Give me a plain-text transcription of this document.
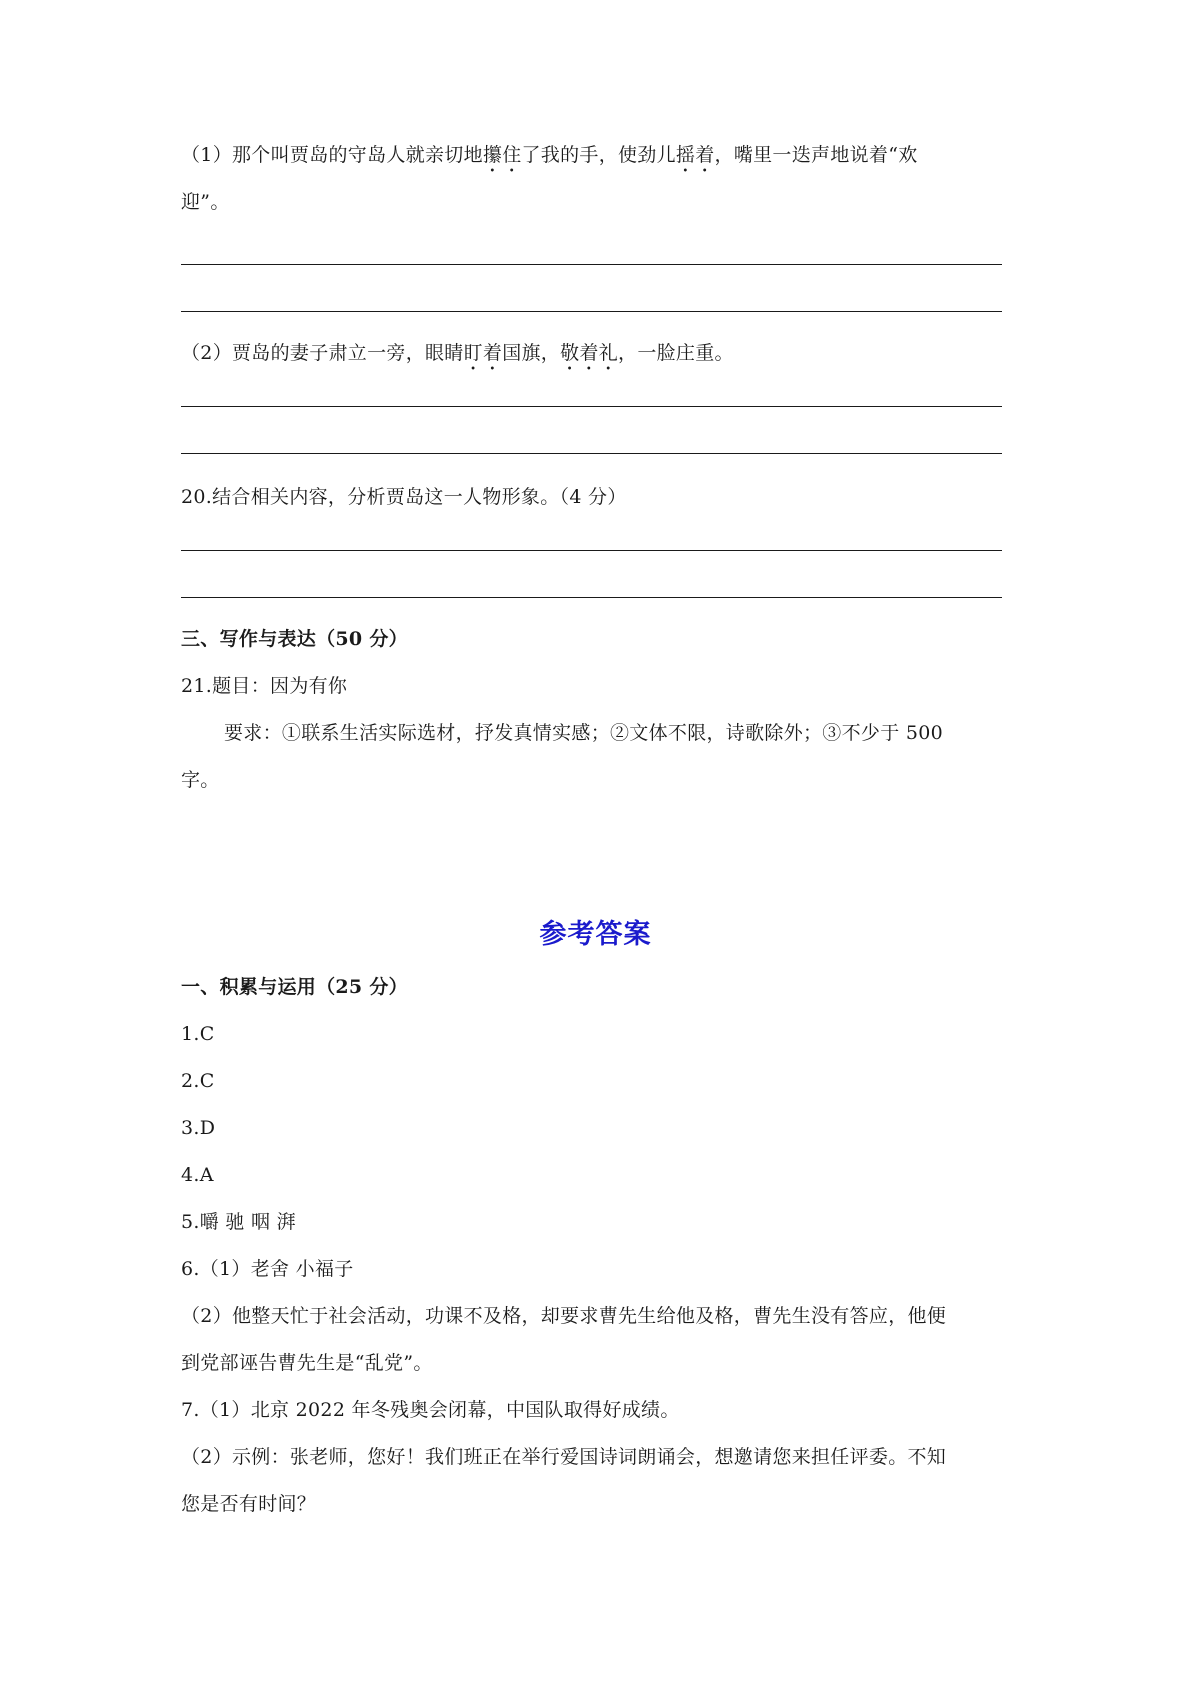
（1）那个叫贾岛的守岛人就亲切地攥住了我的手，使劲儿摇着，嘴里一迭声地说着“欢
迎”。
（2）贾岛的妻子肃立一旁，眼睛盯着国旗，敬着礼，一脸庄重。
20.结合相关内容，分析贾岛这一人物形象。（4 分）
三、写作与表达（50 分）
21.题目：因为有你
要求：①联系生活实际选材，抒发真情实感；②文体不限，诗歌除外；③不少于 500
字。
参考答案
一、积累与运用（25 分）
1.C
2.C
3.D
4.A
5.嚼 驰 咽 湃
6.（1）老舍 小福子
（2）他整天忙于社会活动，功课不及格，却要求曹先生给他及格，曹先生没有答应，他便
到党部诬告曹先生是“乱党”。
7.（1）北京 2022 年冬残奥会闭幕，中国队取得好成绩。
（2）示例：张老师，您好！我们班正在举行爱国诗词朗诵会，想邀请您来担任评委。不知
您是否有时间？
